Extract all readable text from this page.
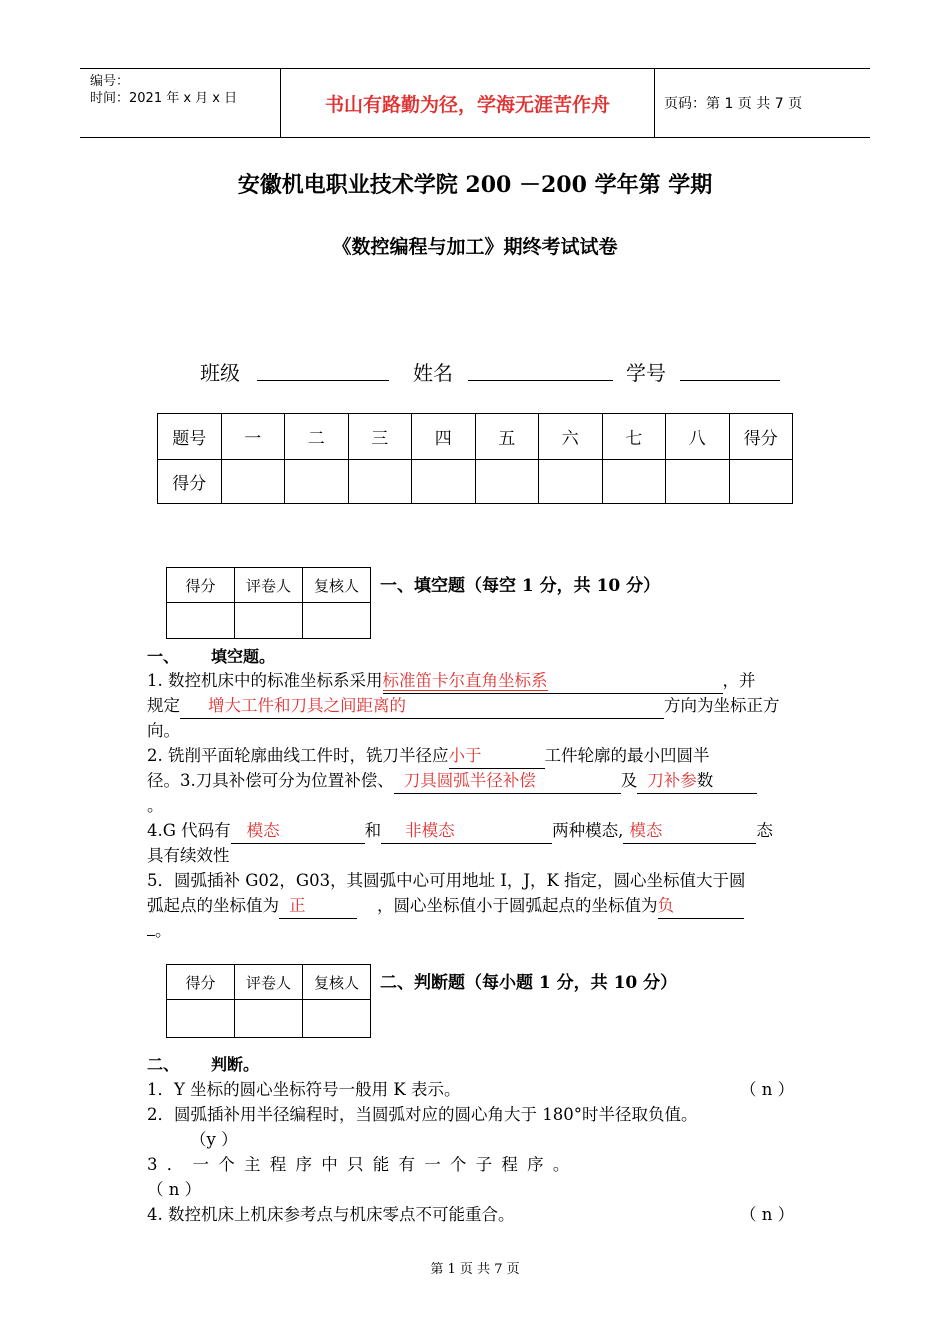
编号：
时间：2021 年 x 月 x 日	书山有路勤为径，学海无涯苦作舟	页码：第 1 页 共 7 页
安徽机电职业技术学院 200 －200 学年第 学期
《数控编程与加工》期终考试试卷
班级	姓名	学号
题号	一	二	三	四	五	六	七	八	得分
得分									
得分	评卷人	复核人
		一、填空题（每空 1 分，共 10 分）
一、 填空题。
1. 数控机床中的标准坐标系采用标准笛卡尔直角坐标系	，并
规定 增大工件和刀具之间距离的	方向为坐标正方
向。
2. 铣削平面轮廓曲线工件时，铣刀半径应小于	工件轮廓的最小凹圆半
径。3.刀具补偿可分为位置补偿、 刀具圆弧半径补偿	及 刀补参数
。
4.G 代码有 模态	和 非模态	两种模态, 模态	态
具有续效性
5．圆弧插补 G02，G03，其圆弧中心可用地址 I，J，K 指定，圆心坐标值大于圆
弧起点的坐标值为 正	，圆心坐标值小于圆弧起点的坐标值为负
。
得分	评卷人	复核人
		二、判断题（每小题 1 分，共 10 分）
二、 判断。
1．Y 坐标的圆心坐标符号一般用 K 表示。	（ n ）
2．圆弧插补用半径编程时，当圆弧对应的圆心角大于 180°时半径取负值。
（y ）
3 ． 一 个 主 程 序 中 只 能 有 一 个 子 程 序 。
（ n ）
4. 数控机床上机床参考点与机床零点不可能重合。	（ n ）
第 1 页 共 7 页
